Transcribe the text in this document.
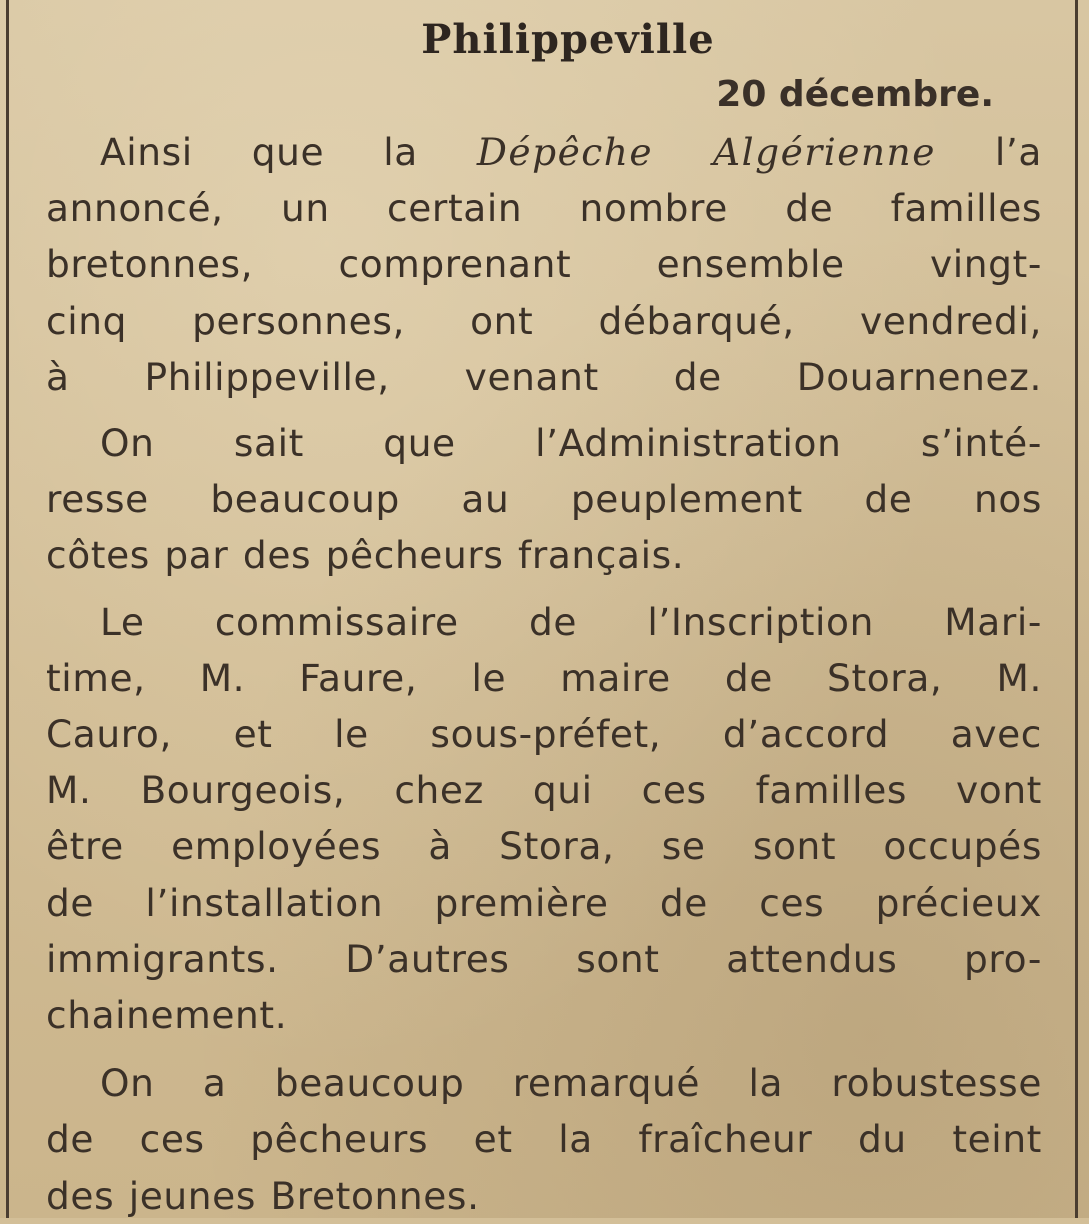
Philippeville

20 décembre.

Ainsi que la Dépêche Algérienne l’a
annoncé, un certain nombre de familles
bretonnes, comprenant ensemble vingt-
cinq personnes, ont débarqué, vendredi,
à Philippeville, venant de Douarnenez.

On sait que l’Administration s’inté-
resse beaucoup au peuplement de nos
côtes par des pêcheurs français.

Le commissaire de l’Inscription Mari-
time, M. Faure, le maire de Stora, M.
Cauro, et le sous-préfet, d’accord avec
M. Bourgeois, chez qui ces familles vont
être employées à Stora, se sont occupés
de l’installation première de ces précieux
immigrants. D’autres sont attendus pro-
chainement.

On a beaucoup remarqué la robustesse
de ces pêcheurs et la fraîcheur du teint
des jeunes Bretonnes.
